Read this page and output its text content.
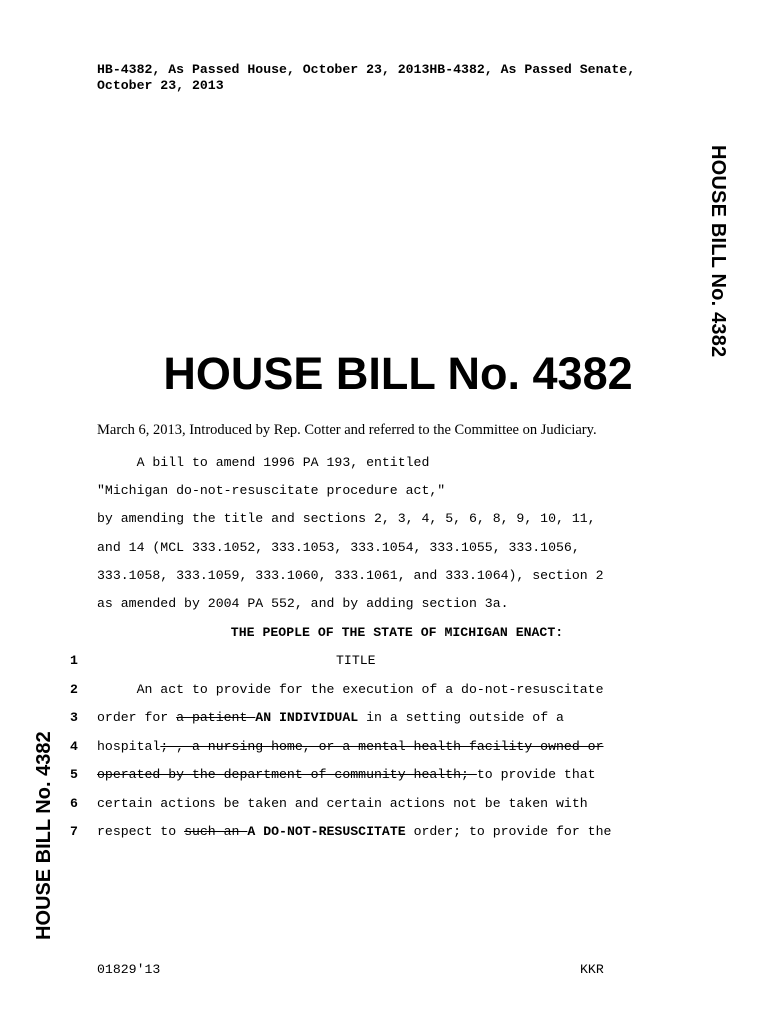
HB-4382, As Passed House, October 23, 2013HB-4382, As Passed Senate,
October 23, 2013
HOUSE BILL No. 4382
HOUSE BILL No. 4382
HOUSE BILL No. 4382
March 6, 2013, Introduced by Rep. Cotter and referred to the Committee on Judiciary.
A bill to amend 1996 PA 193, entitled
"Michigan do-not-resuscitate procedure act,"
by amending the title and sections 2, 3, 4, 5, 6, 8, 9, 10, 11,
and 14 (MCL 333.1052, 333.1053, 333.1054, 333.1055, 333.1056,
333.1058, 333.1059, 333.1060, 333.1061, and 333.1064), section 2
as amended by 2004 PA 552, and by adding section 3a.
THE PEOPLE OF THE STATE OF MICHIGAN ENACT:
1
2
3
4
5
6
7
TITLE
An act to provide for the execution of a do-not-resuscitate
order for a patient AN INDIVIDUAL in a setting outside of a
hospital; , a nursing home, or a mental health facility owned or
operated by the department of community health; to provide that
certain actions be taken and certain actions not be taken with
respect to such an A DO-NOT-RESUSCITATE order; to provide for the
01829'13	KKR
